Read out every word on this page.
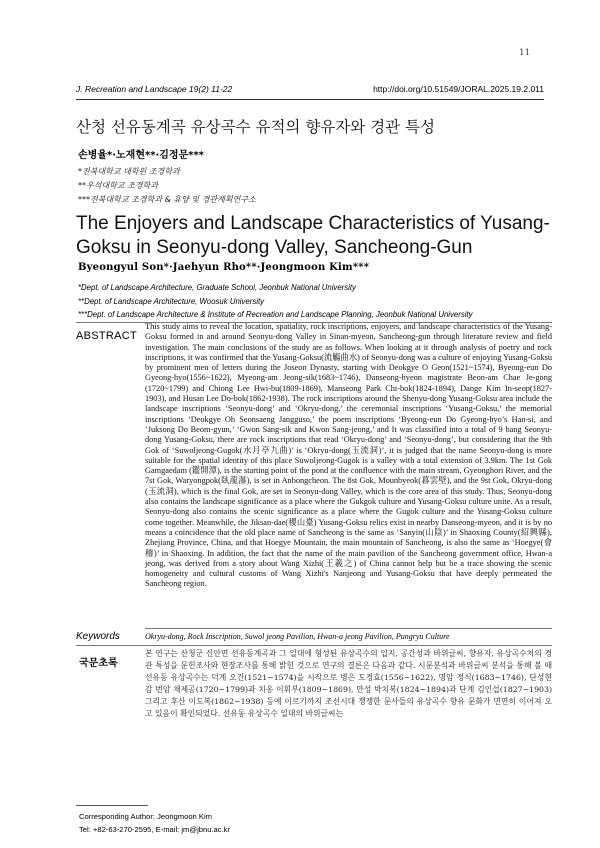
11
J. Recreation and Landscape 19(2) 11-22	http://doi.org/10.51549/JORAL.2025.19.2.011
산청 선유동계곡 유상곡수 유적의 향유자와 경관 특성
손병율*·노재현**·김정문***
*전북대학교 대학원 조경학과
**우석대학교 조경학과
***전북대학교 조경학과 & 휴양 및 경관계획연구소
The Enjoyers and Landscape Characteristics of Yusang-Goksu in Seonyu-dong Valley, Sancheong-Gun
Byeongyul Son*·Jaehyun Rho**·Jeongmoon Kim***
*Dept. of Landscape Architecture, Graduate School, Jeonbuk National University
**Dept. of Landscape Architecture, Woosuk University
***Dept. of Landscape Architecture & Institute of Recreation and Landscape Planning, Jeonbuk National University
ABSTRACT
This study aims to reveal the location, spatiality, rock inscriptions, enjoyers, and landscape characteristics of the Yusang-Goksu formed in and around Seonyu-dong Valley in Sinan-myeon, Sancheong-gun through literature review and field investigation. The main conclusions of the study are as follows. When looking at it through analysis of poetry and rock inscriptions, it was confirmed that the Yusang-Goksu(流觴曲水) of Seonyu-dong was a culture of enjoying Yusang-Goksu by prominent men of letters during the Joseon Dynasty, starting with Deokgye O Geon(1521~1574), Byeong-eun Do Gyeong-hyo(1556~1622), Myeong-am Jeong-sik(1683~1746), Danseong-hyeon magistrate Beon-am Chae Je-gong (1720~1799) and Chiong Lee Hwi-bu(1809-1869), Manseong Park Chi-bok(1824-1894), Dange Kim In-seop(1827-1903), and Husan Lee Do-bok(1862-1938). The rock inscriptions around the Shenyu-dong Yusang-Goksu area include the landscape inscriptions ‘Seonyu-dong’ and ‘Okryu-dong,’ the ceremonial inscriptions ‘Yusang-Goksu,’ the memorial inscriptions ‘Deokgye Oh Seonsaeng Jangguso,’ the poem inscriptions ‘Byeong-eun Do Gyeong-hyo’s Han-si, and ‘Juksong Do Beom-gyun,’ ‘Gwon Sang-sik and Kwon Sang-jeong,’ and It was classified into a total of 9 bang Seonyu-dong Yusang-Goksu, there are rock inscriptions that read ‘Okryu-dong’ and ‘Seonyu-dong’, but considering that the 9th Gok of ‘Suwoljeong-Gugok(水月亭九曲)’ is ‘Okryu-dong(玉流洞)’, it is judged that the name Seonyu-dong is more suitable for the spatial identity of this place Suwoljeong-Gugok is a valley with a total extension of 3.9km. The 1st Gok Gamgaedam (鑑開潭), is the starting point of the pond at the confluence with the main stream, Gyeonghori River, and the 7st Gok, Waryongpok(臥龍瀑), is set in Anbongcheon. The 8st Gok, Mounbyeok(暮雲壁), and the 9st Gok, Okryu-dong (玉流洞), which is the final Gok, are set in Seonyu-dong Valley, which is the core area of this study. Thus, Seonyu-dong also contains the landscape significance as a place where the Gukgok culture and Yusang-Goksu culture unite. As a result, Seonyu-dong also contains the scenic significance as a place where the Gugok culture and the Yusang-Goksu culture come together. Meanwhile, the Jiksan-dae(稷山臺) Yusang-Goksu relics exist in nearby Danseong-myeon, and it is by no means a coincidence that the old place name of Sancheong is the same as ‘Sanyin(山陰)’ in Shaoxing County(紹興縣), Zhejiang Province, China, and that Hoegye Mountain, the main mountain of Sancheong, is also the same as ‘Hoegye(會稽)’ in Shaoxing. In addition, the fact that the name of the main pavilion of the Sancheong government office, Hwan-a jeong, was derived from a story about Wang Xizhi(王羲之) of China cannot help but be a trace showing the scenic homogeneity and cultural customs of Wang Xizhi's Nanjeong and Yusang-Goksu that have deeply permeated the Sancheong region.
Keywords	Okryu-dong, Rock Inscription, Suwol jeong Pavilion, Hwan-a jeong Pavilion, Pungryu Culture
국문초록
본 연구는 산청군 신안면 선유동계곡과 그 일대에 형성된 유상곡수의 입지, 공간성과 바위글씨, 향유자, 유상곡수처의 경관 특성을 문헌조사와 현장조사를 통해 밝힌 것으로 연구의 결론은 다음과 같다. 시문분석과 바위글씨 분석을 통해 볼 때 선유동 유상곡수는 덕계 오건(1521~1574)을 시작으로 병은 도경효(1556~1622), 명암 정식(1683~1746), 단성현감 번암 채제공(1720~1799)과 치옹 이휘부(1809~1869), 만성 박치복(1824~1894)과 단계 김인섭(1827~1903) 그리고 후산 이도복(1862~1938) 등에 이르기까지 조선시대 쟁쟁한 문사들의 유상곡수 향유 문화가 면면히 이어져 오고 있음이 확인되었다. 선유동 유상곡수 일대의 바위글씨는
Corresponding Author: Jeongmoon Kim
Tel: +82-63-270-2595, E-mail: jm@jbnu.ac.kr
